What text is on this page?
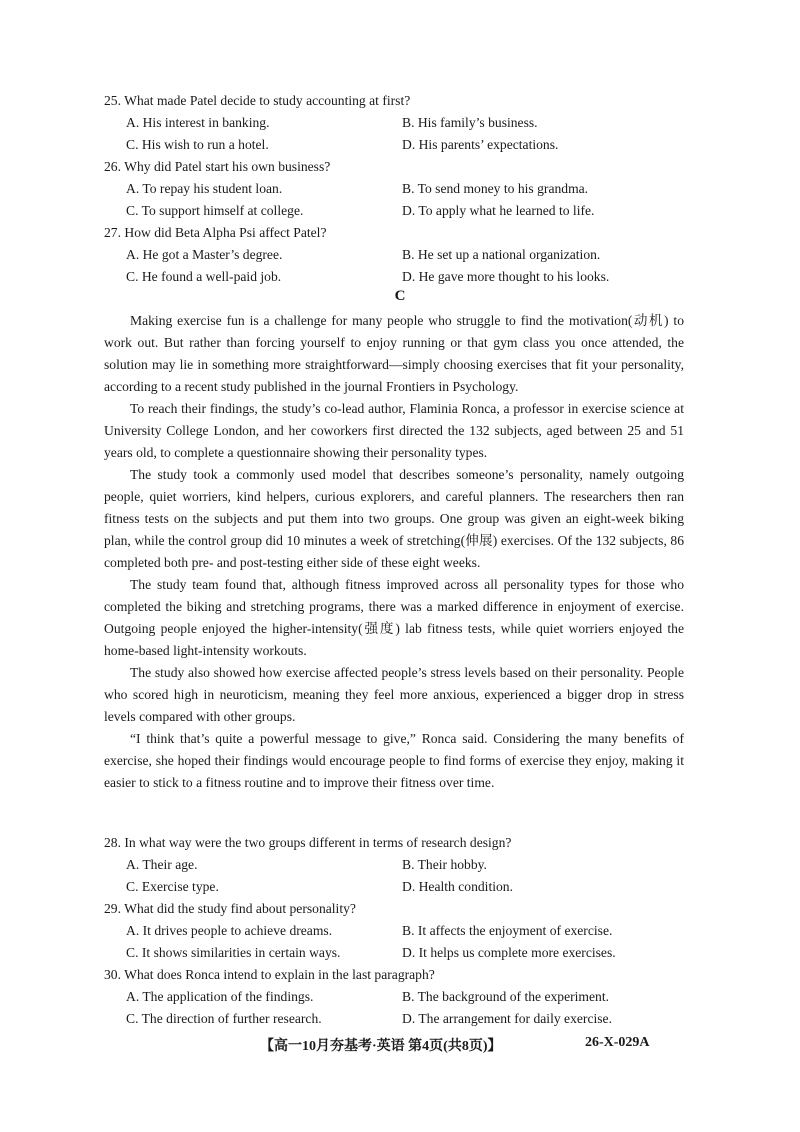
25. What made Patel decide to study accounting at first?
A. His interest in banking.	B. His family’s business.
C. His wish to run a hotel.	D. His parents’ expectations.
26. Why did Patel start his own business?
A. To repay his student loan.	B. To send money to his grandma.
C. To support himself at college.	D. To apply what he learned to life.
27. How did Beta Alpha Psi affect Patel?
A. He got a Master’s degree.	B. He set up a national organization.
C. He found a well-paid job.	D. He gave more thought to his looks.
C

Making exercise fun is a challenge for many people who struggle to find the motivation(动机) to work out. But rather than forcing yourself to enjoy running or that gym class you once attended, the solution may lie in something more straightforward—simply choosing exercises that fit your personality, according to a recent study published in the journal Frontiers in Psychology.

To reach their findings, the study’s co-lead author, Flaminia Ronca, a professor in exercise science at University College London, and her coworkers first directed the 132 subjects, aged between 25 and 51 years old, to complete a questionnaire showing their personality types.

The study took a commonly used model that describes someone’s personality, namely outgoing people, quiet worriers, kind helpers, curious explorers, and careful planners. The researchers then ran fitness tests on the subjects and put them into two groups. One group was given an eight-week biking plan, while the control group did 10 minutes a week of stretching(伸展) exercises. Of the 132 subjects, 86 completed both pre- and post-testing either side of these eight weeks.

The study team found that, although fitness improved across all personality types for those who completed the biking and stretching programs, there was a marked difference in enjoyment of exercise. Outgoing people enjoyed the higher-intensity(强度) lab fitness tests, while quiet worriers enjoyed the home-based light-intensity workouts.

The study also showed how exercise affected people’s stress levels based on their personality. People who scored high in neuroticism, meaning they feel more anxious, experienced a bigger drop in stress levels compared with other groups.

“I think that’s quite a powerful message to give,” Ronca said. Considering the many benefits of exercise, she hoped their findings would encourage people to find forms of exercise they enjoy, making it easier to stick to a fitness routine and to improve their fitness over time.

28. In what way were the two groups different in terms of research design?
A. Their age.	B. Their hobby.
C. Exercise type.	D. Health condition.
29. What did the study find about personality?
A. It drives people to achieve dreams.	B. It affects the enjoyment of exercise.
C. It shows similarities in certain ways.	D. It helps us complete more exercises.
30. What does Ronca intend to explain in the last paragraph?
A. The application of the findings.	B. The background of the experiment.
C. The direction of further research.	D. The arrangement for daily exercise.
【高一10月夯基考·英语 第4页(共8页)】	26-X-029A
